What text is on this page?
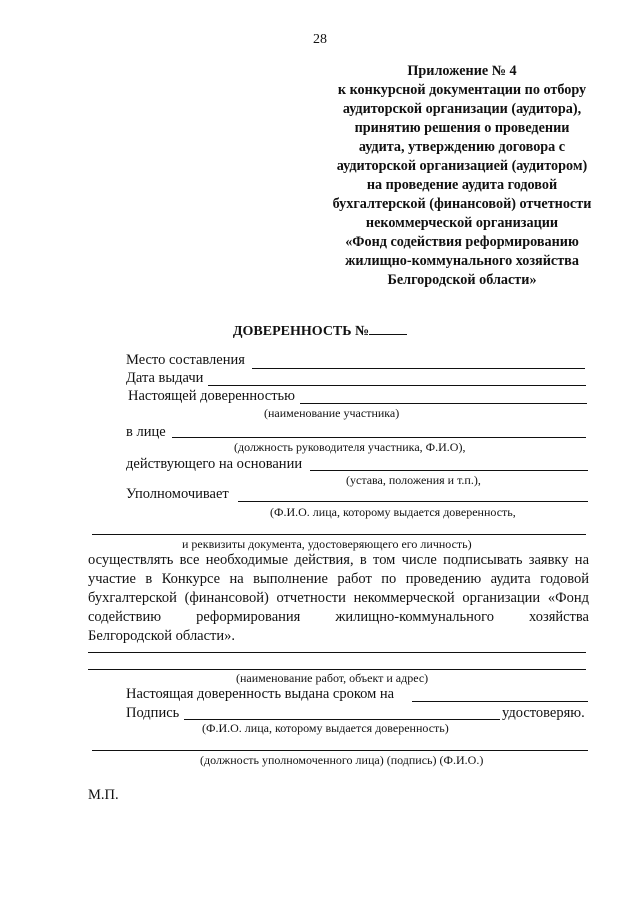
28
Приложение № 4
к конкурсной документации по отбору
аудиторской организации (аудитора),
принятию решения о проведении
аудита, утверждению договора с
аудиторской организацией (аудитором)
на проведение аудита годовой
бухгалтерской (финансовой) отчетности
некоммерческой организации
«Фонд содействия реформированию
жилищно-коммунального хозяйства
Белгородской области»
ДОВЕРЕННОСТЬ №
Место составления
Дата выдачи
Настоящей доверенностью
(наименование участника)
в лице
(должность руководителя участника, Ф.И.О),
действующего на основании
(устава, положения и т.п.),
Уполномочивает
(Ф.И.О. лица, которому выдается доверенность,
и реквизиты документа, удостоверяющего его личность)
осуществлять все необходимые действия, в том числе подписывать заявку на
участие в Конкурсе на выполнение работ по проведению аудита годовой
бухгалтерской (финансовой) отчетности некоммерческой организации «Фонд
содействию реформирования жилищно-коммунального хозяйства
Белгородской области».
(наименование работ, объект и адрес)
Настоящая доверенность выдана сроком на
Подпись	удостоверяю.
(Ф.И.О. лица, которому выдается доверенность)
(должность уполномоченного лица) (подпись) (Ф.И.О.)
М.П.
